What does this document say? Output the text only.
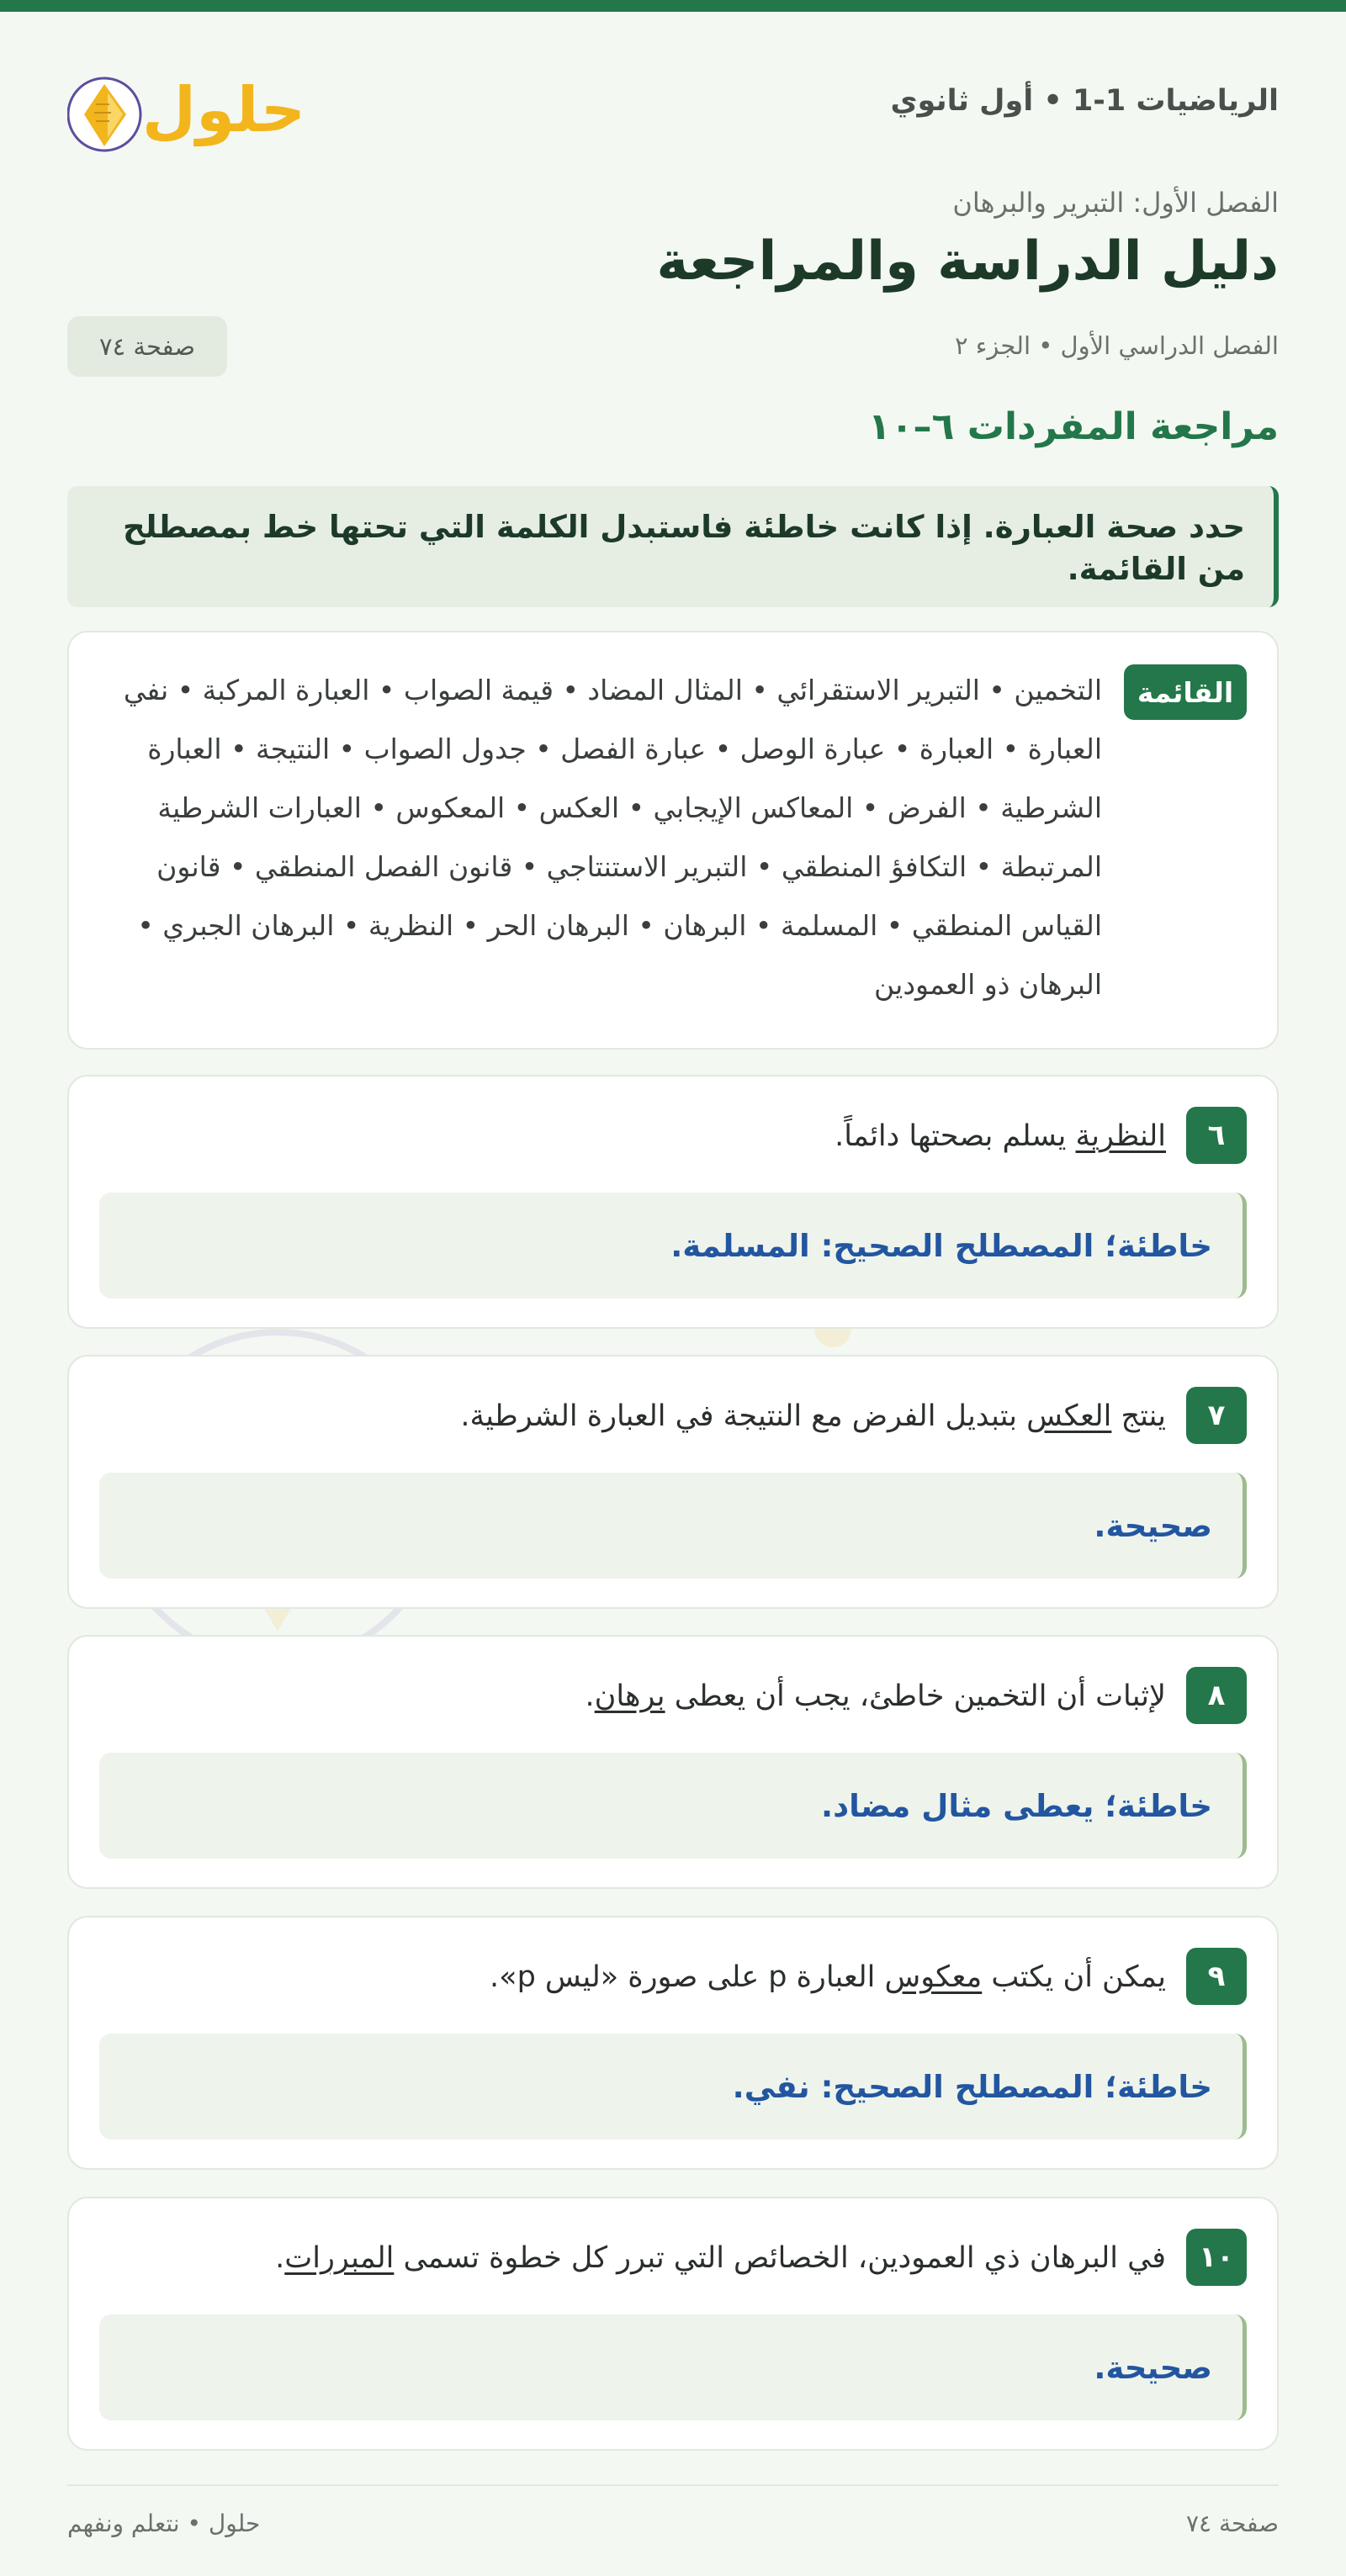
الرياضيات 1-1 • أول ثانوي
حلول
الفصل الأول: التبرير والبرهان
دليل الدراسة والمراجعة
الفصل الدراسي الأول • الجزء ٢
صفحة ٧٤
مراجعة المفردات ٦–١٠
حدد صحة العبارة. إذا كانت خاطئة فاستبدل الكلمة التي تحتها خط بمصطلح من القائمة.
القائمة
التخمين • التبرير الاستقرائي • المثال المضاد • قيمة الصواب • العبارة المركبة • نفي العبارة • العبارة • عبارة الوصل • عبارة الفصل • جدول الصواب • النتيجة • العبارة الشرطية • الفرض • المعاكس الإيجابي • العكس • المعكوس • العبارات الشرطية المرتبطة • التكافؤ المنطقي • التبرير الاستنتاجي • قانون الفصل المنطقي • قانون القياس المنطقي • المسلمة • البرهان • البرهان الحر • النظرية • البرهان الجبري • البرهان ذو العمودين
٦
النظرية يسلم بصحتها دائماً.
خاطئة؛ المصطلح الصحيح: المسلمة.
٧
ينتج العكس بتبديل الفرض مع النتيجة في العبارة الشرطية.
صحيحة.
٨
لإثبات أن التخمين خاطئ، يجب أن يعطى برهان.
خاطئة؛ يعطى مثال مضاد.
٩
يمكن أن يكتب معكوس العبارة p على صورة «ليس p».
خاطئة؛ المصطلح الصحيح: نفي.
١٠
في البرهان ذي العمودين، الخصائص التي تبرر كل خطوة تسمى المبررات.
صحيحة.
صفحة ٧٤
حلول • نتعلم ونفهم
